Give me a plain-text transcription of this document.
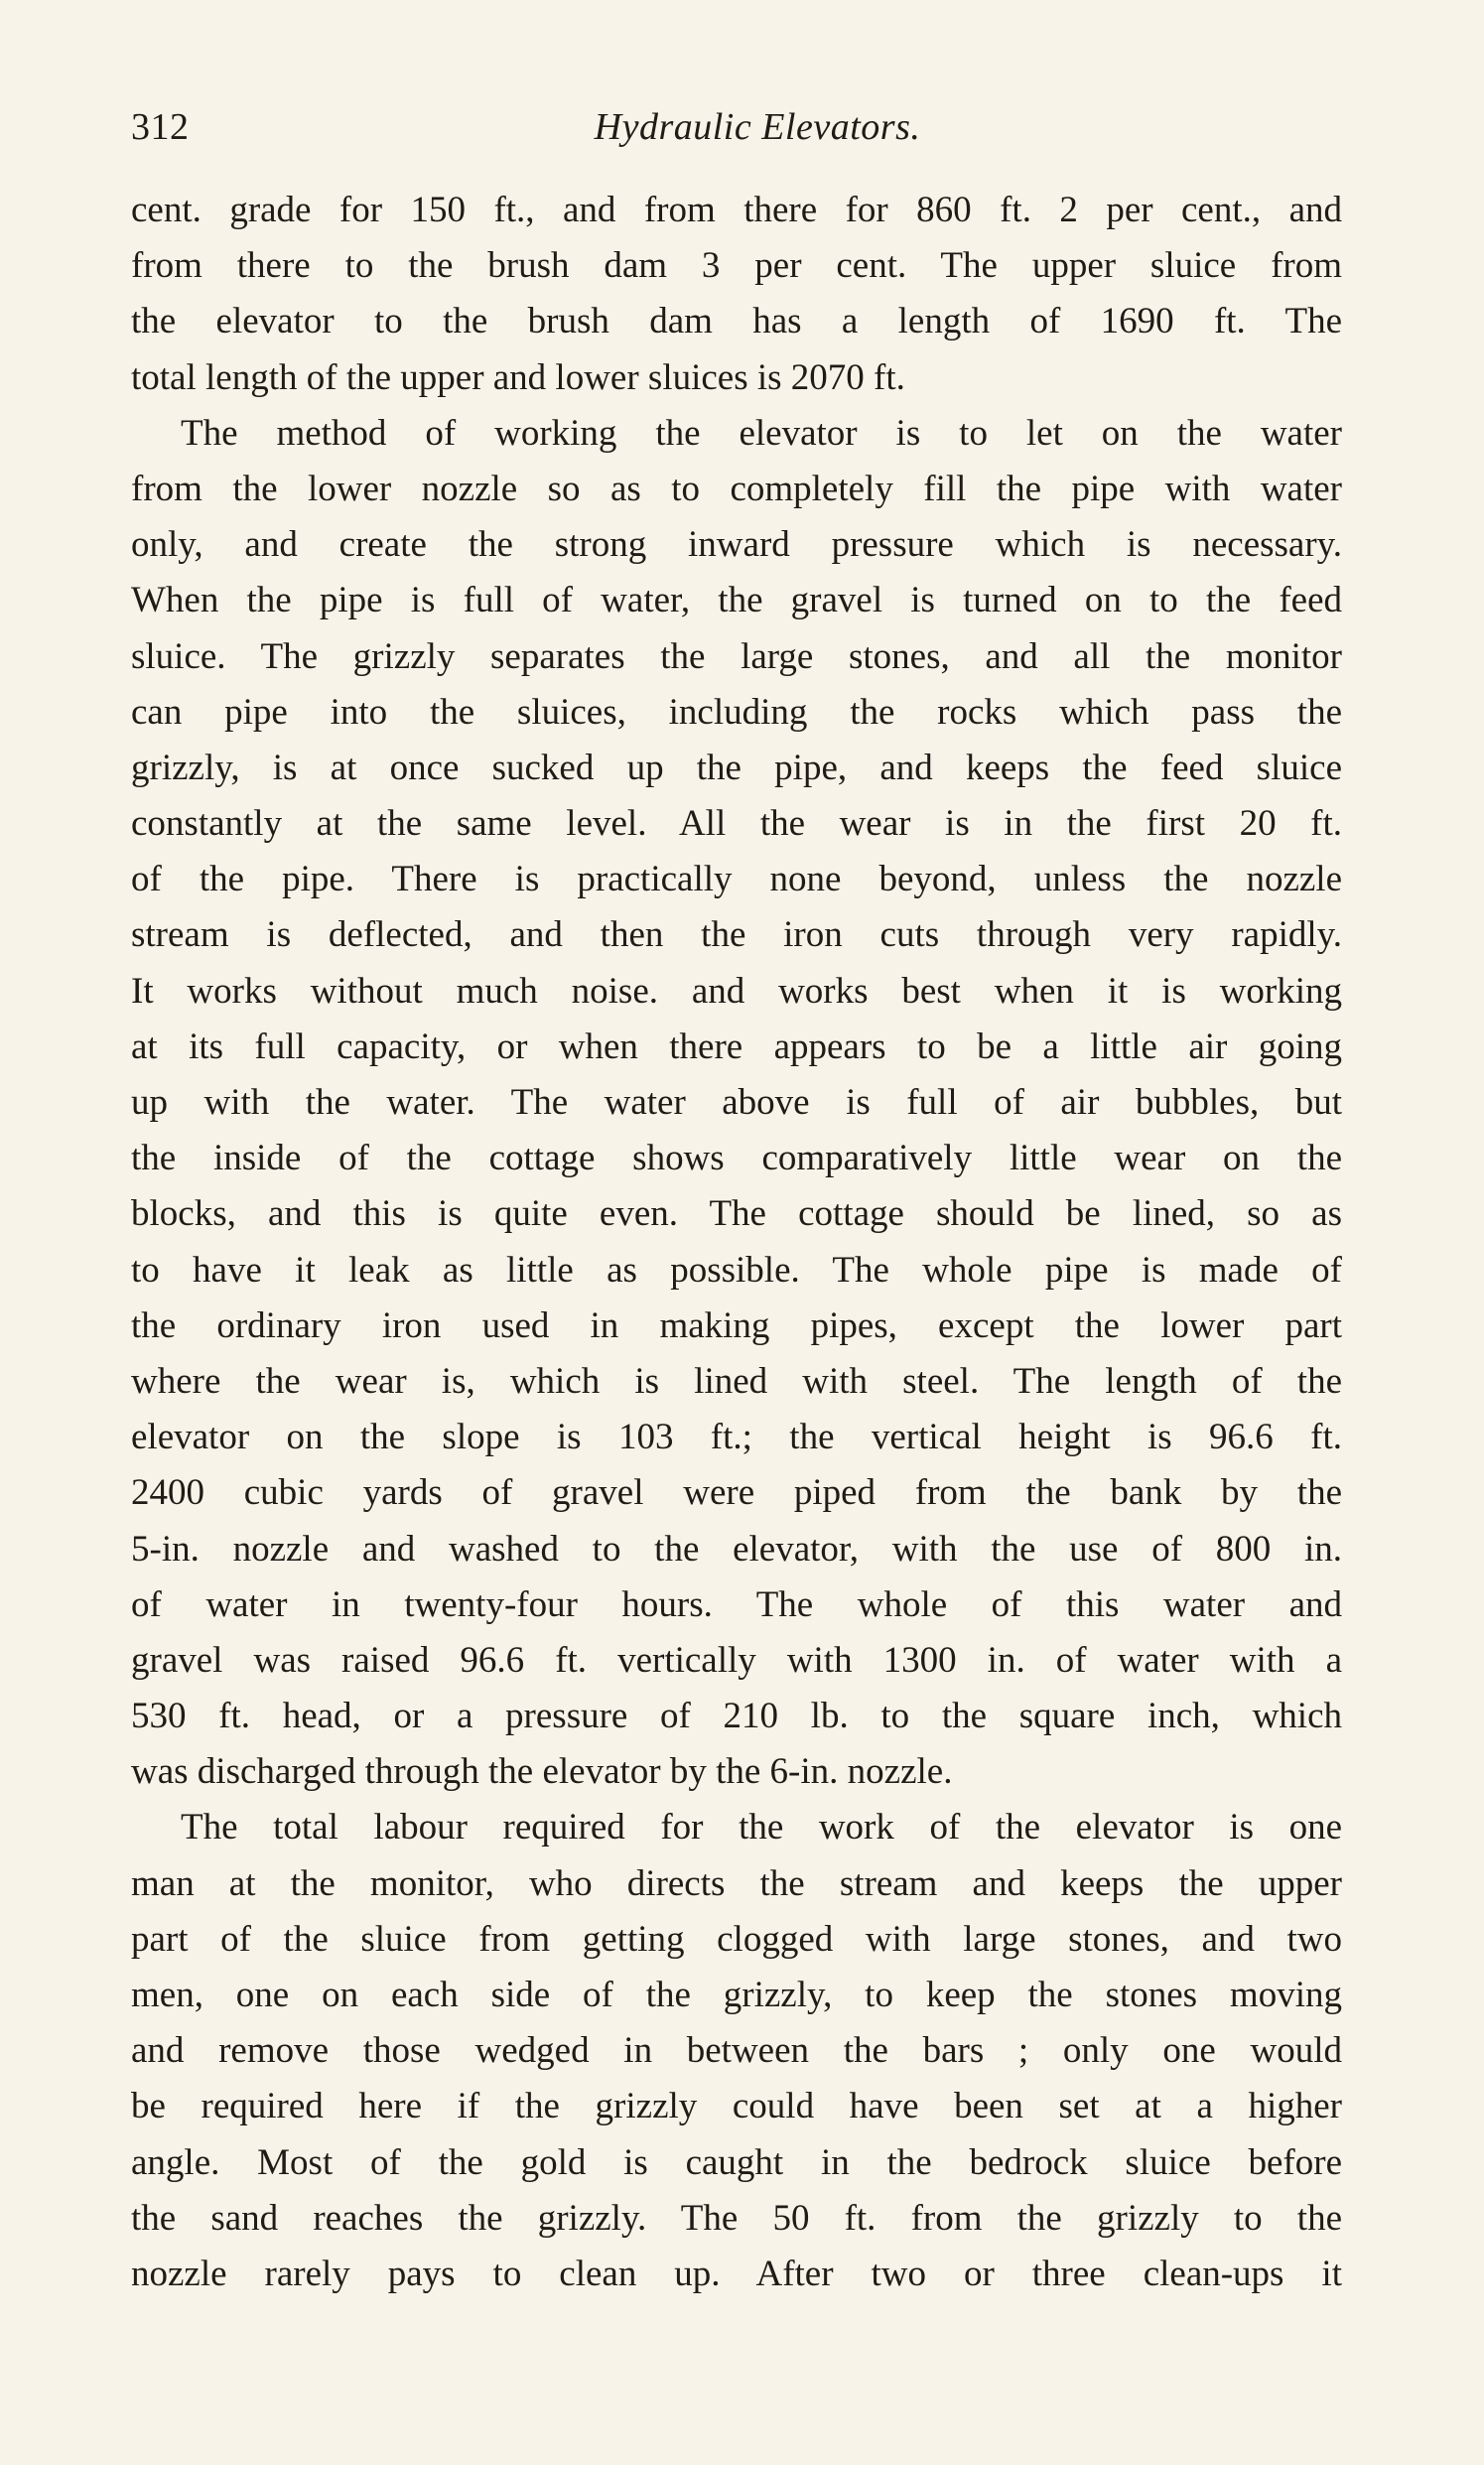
312	Hydraulic Elevators.
cent. grade for 150 ft., and from there for 860 ft. 2 per cent., and
from there to the brush dam 3 per cent. The upper sluice from
the elevator to the brush dam has a length of 1690 ft. The
total length of the upper and lower sluices is 2070 ft.
The method of working the elevator is to let on the water
from the lower nozzle so as to completely fill the pipe with water
only, and create the strong inward pressure which is necessary.
When the pipe is full of water, the gravel is turned on to the feed
sluice. The grizzly separates the large stones, and all the monitor
can pipe into the sluices, including the rocks which pass the
grizzly, is at once sucked up the pipe, and keeps the feed sluice
constantly at the same level. All the wear is in the first 20 ft.
of the pipe. There is practically none beyond, unless the nozzle
stream is deflected, and then the iron cuts through very rapidly.
It works without much noise. and works best when it is working
at its full capacity, or when there appears to be a little air going
up with the water. The water above is full of air bubbles, but
the inside of the cottage shows comparatively little wear on the
blocks, and this is quite even. The cottage should be lined, so as
to have it leak as little as possible. The whole pipe is made of
the ordinary iron used in making pipes, except the lower part
where the wear is, which is lined with steel. The length of the
elevator on the slope is 103 ft.; the vertical height is 96.6 ft.
2400 cubic yards of gravel were piped from the bank by the
5-in. nozzle and washed to the elevator, with the use of 800 in.
of water in twenty-four hours. The whole of this water and
gravel was raised 96.6 ft. vertically with 1300 in. of water with a
530 ft. head, or a pressure of 210 lb. to the square inch, which
was discharged through the elevator by the 6-in. nozzle.
The total labour required for the work of the elevator is one
man at the monitor, who directs the stream and keeps the upper
part of the sluice from getting clogged with large stones, and two
men, one on each side of the grizzly, to keep the stones moving
and remove those wedged in between the bars ; only one would
be required here if the grizzly could have been set at a higher
angle. Most of the gold is caught in the bedrock sluice before
the sand reaches the grizzly. The 50 ft. from the grizzly to the
nozzle rarely pays to clean up. After two or three clean-ups it
